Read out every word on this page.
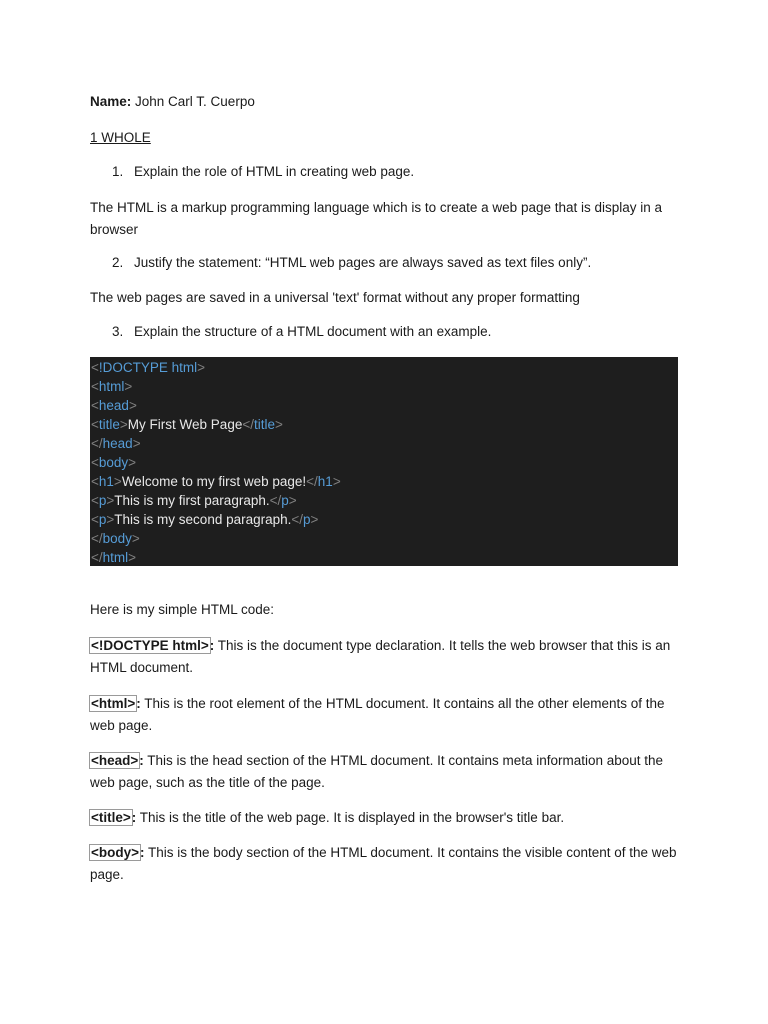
Name: John Carl T. Cuerpo
1 WHOLE
1. Explain the role of HTML in creating web page.
The HTML is a markup programming language which is to create a web page that is display in a browser
2. Justify the statement: “HTML web pages are always saved as text files only”.
The web pages are saved in a universal 'text' format without any proper formatting
3. Explain the structure of a HTML document with an example.
<!DOCTYPE html>
<html>
<head>
<title>My First Web Page</title>
</head>
<body>
<h1>Welcome to my first web page!</h1>
<p>This is my first paragraph.</p>
<p>This is my second paragraph.</p>
</body>
</html>
Here is my simple HTML code:
<!DOCTYPE html>: This is the document type declaration. It tells the web browser that this is an HTML document.
<html>: This is the root element of the HTML document. It contains all the other elements of the web page.
<head>: This is the head section of the HTML document. It contains meta information about the web page, such as the title of the page.
<title>: This is the title of the web page. It is displayed in the browser's title bar.
<body>: This is the body section of the HTML document. It contains the visible content of the web page.
